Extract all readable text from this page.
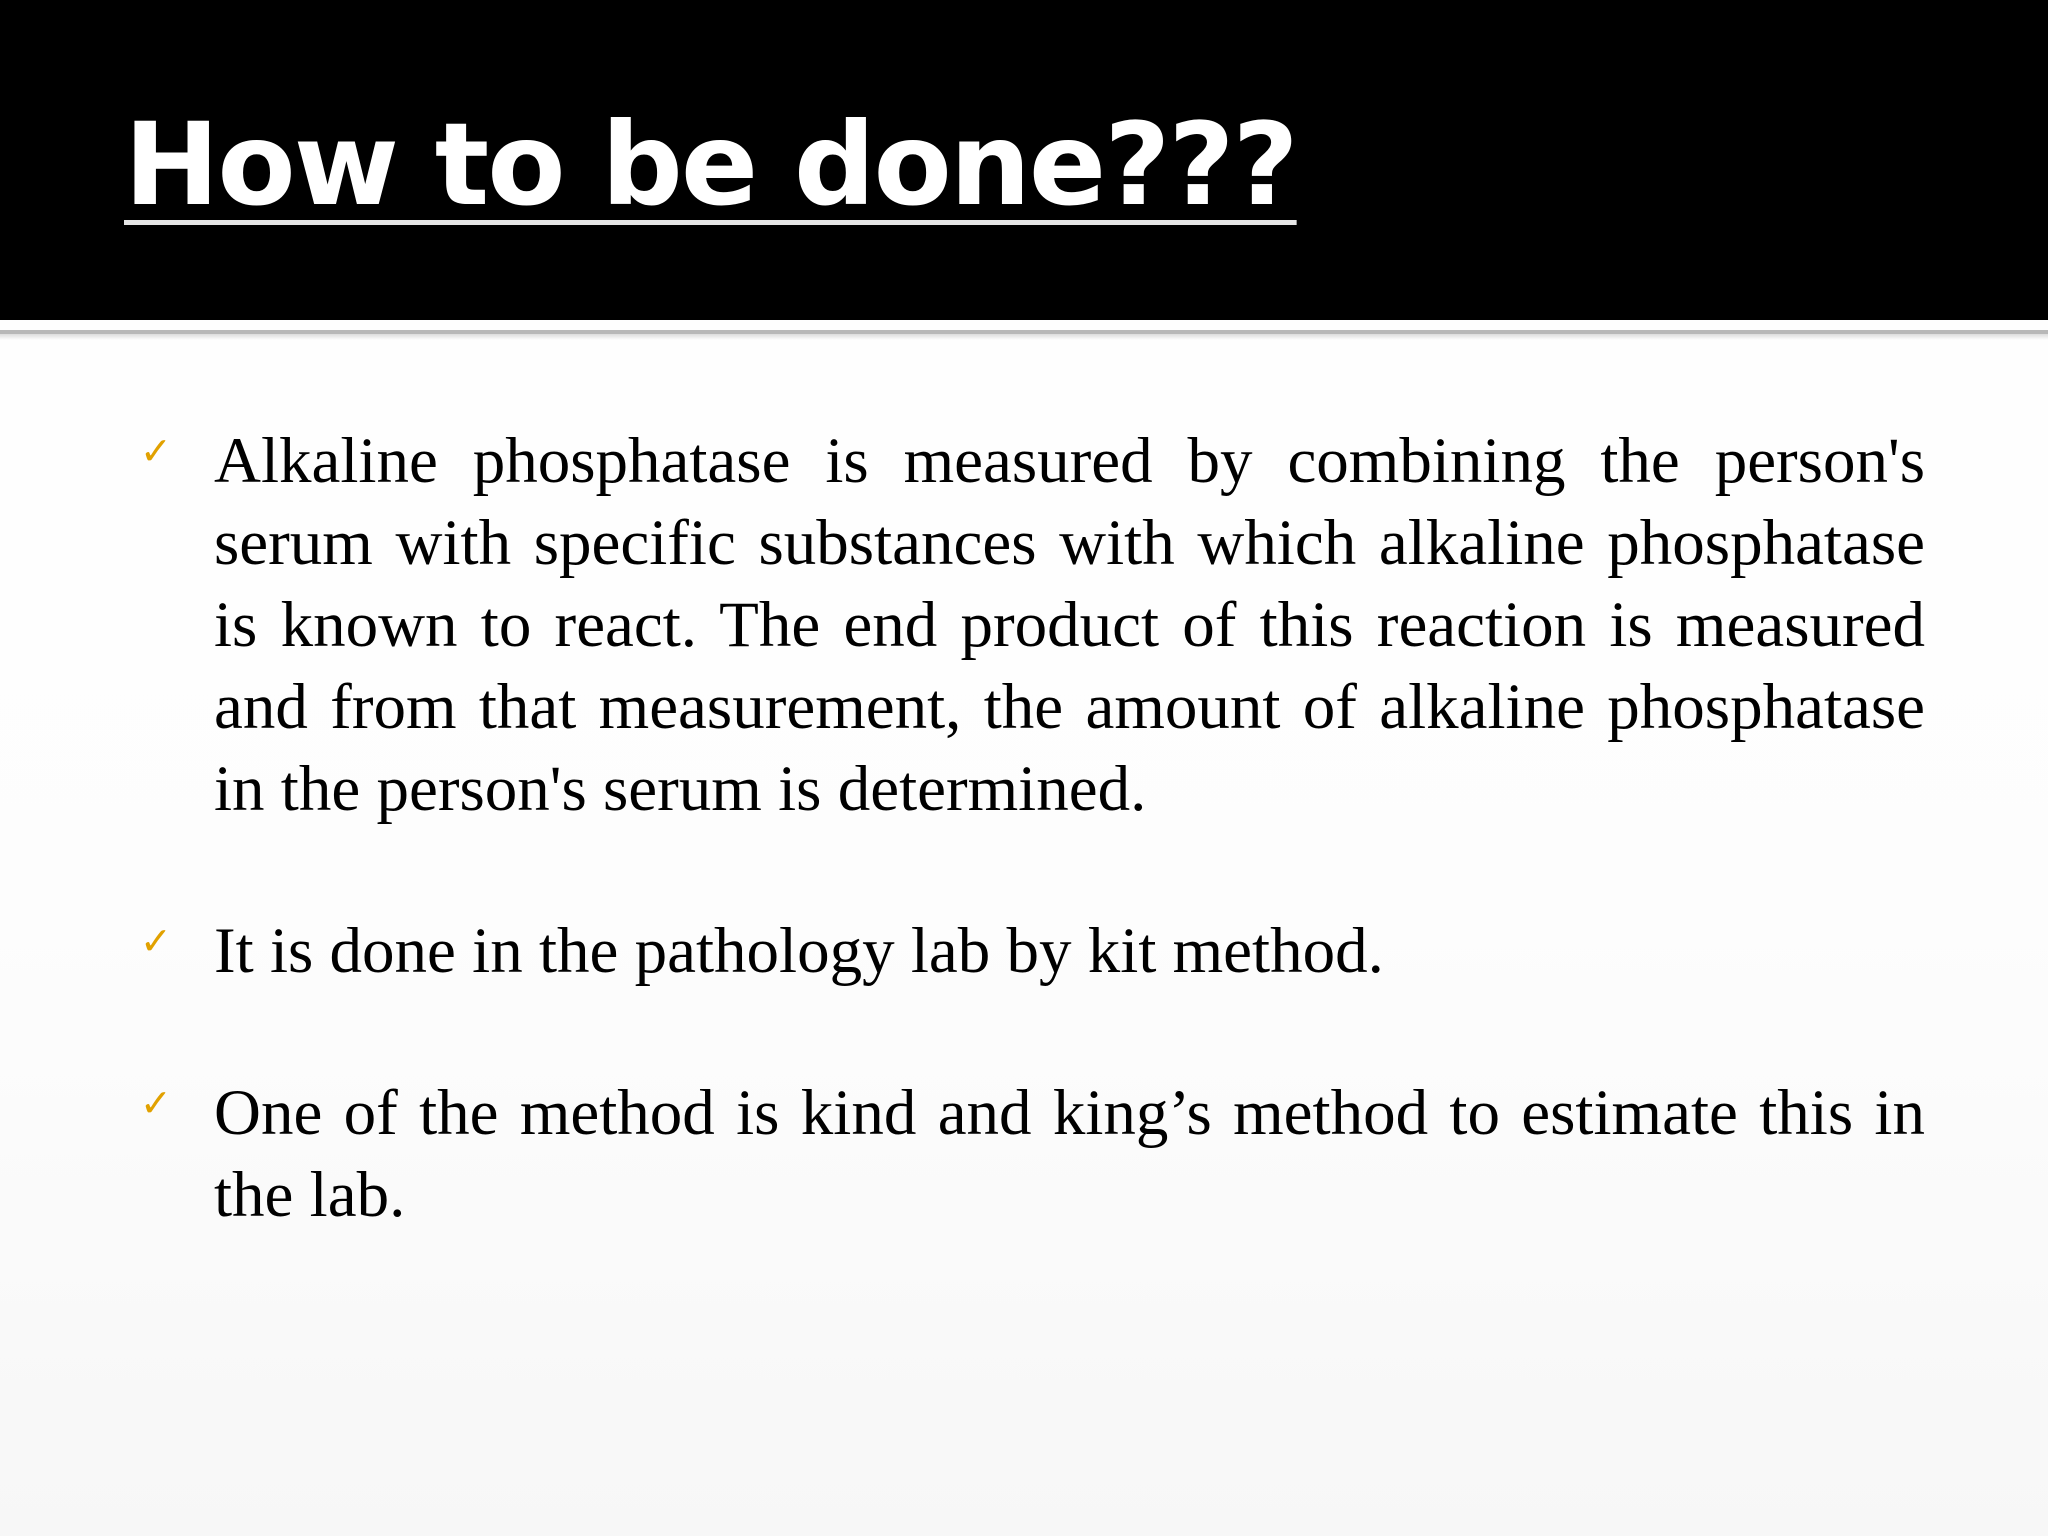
How to be done???
✓ Alkaline phosphatase is measured by combining the person's serum with specific substances with which alkaline phosphatase is known to react. The end product of this reaction is measured and from that measurement, the amount of alkaline phosphatase in the person's serum is determined.

✓ It is done in the pathology lab by kit method.

✓ One of the method is kind and king’s method to estimate this in the lab.
